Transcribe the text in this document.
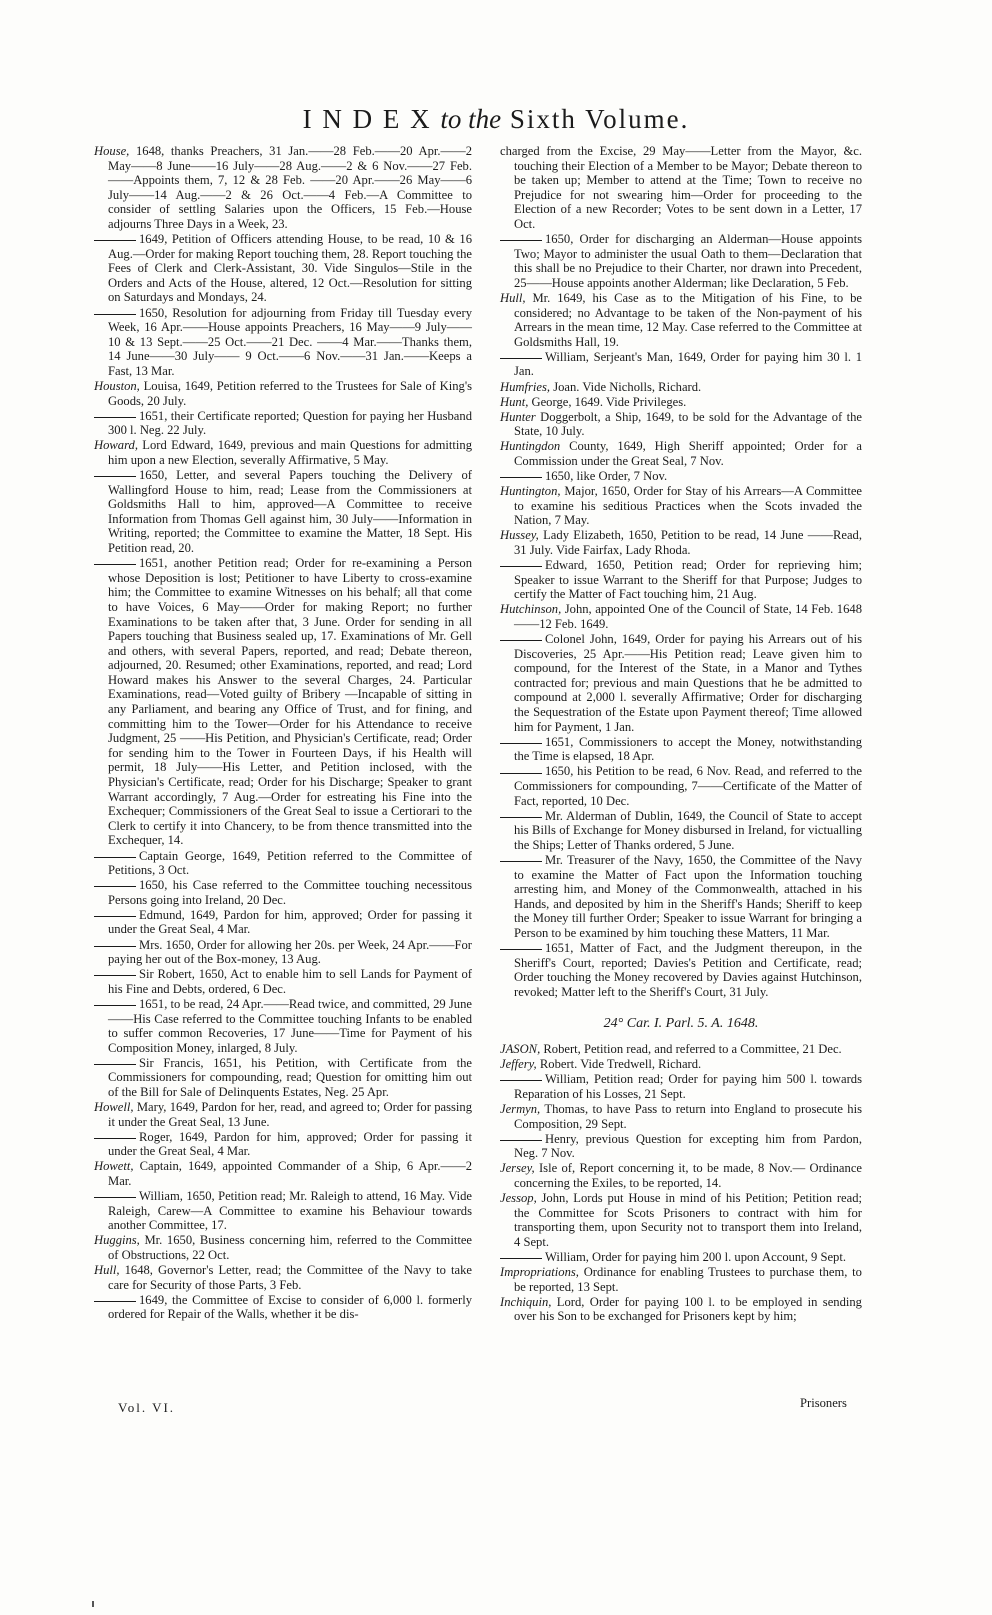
I N D E X to the Sixth Volume.

House, 1648, thanks Preachers, 31 Jan.——28 Feb.——20 Apr.——2 May——8 June——16 July——28 Aug.——2 & 6 Nov.——27 Feb.——Appoints them, 7, 12 & 28 Feb. ——20 Apr.——26 May——6 July——14 Aug.——2 & 26 Oct.——4 Feb.—A Committee to consider of settling Salaries upon the Officers, 15 Feb.—House adjourns Three Days in a Week, 23.

1649, Petition of Officers attending House, to be read, 10 & 16 Aug.—Order for making Report touching them, 28. Report touching the Fees of Clerk and Clerk-Assistant, 30. Vide Singulos—Stile in the Orders and Acts of the House, altered, 12 Oct.—Resolution for sitting on Saturdays and Mondays, 24.

1650, Resolution for adjourning from Friday till Tuesday every Week, 16 Apr.——House appoints Preachers, 16 May——9 July——10 & 13 Sept.——25 Oct.——21 Dec. ——4 Mar.——Thanks them, 14 June——30 July—— 9 Oct.——6 Nov.——31 Jan.——Keeps a Fast, 13 Mar.

Houston, Louisa, 1649, Petition referred to the Trustees for Sale of King's Goods, 20 July.

1651, their Certificate reported; Question for paying her Husband 300 l. Neg. 22 July.

Howard, Lord Edward, 1649, previous and main Questions for admitting him upon a new Election, severally Affirmative, 5 May.

1650, Letter, and several Papers touching the Delivery of Wallingford House to him, read; Lease from the Commissioners at Goldsmiths Hall to him, approved—A Committee to receive Information from Thomas Gell against him, 30 July——Information in Writing, reported; the Committee to examine the Matter, 18 Sept. His Petition read, 20.

1651, another Petition read; Order for re-examining a Person whose Deposition is lost; Petitioner to have Liberty to cross-examine him; the Committee to examine Witnesses on his behalf; all that come to have Voices, 6 May——Order for making Report; no further Examinations to be taken after that, 3 June. Order for sending in all Papers touching that Business sealed up, 17. Examinations of Mr. Gell and others, with several Papers, reported, and read; Debate thereon, adjourned, 20. Resumed; other Examinations, reported, and read; Lord Howard makes his Answer to the several Charges, 24. Particular Examinations, read—Voted guilty of Bribery —Incapable of sitting in any Parliament, and bearing any Office of Trust, and for fining, and committing him to the Tower—Order for his Attendance to receive Judgment, 25 ——His Petition, and Physician's Certificate, read; Order for sending him to the Tower in Fourteen Days, if his Health will permit, 18 July——His Letter, and Petition inclosed, with the Physician's Certificate, read; Order for his Discharge; Speaker to grant Warrant accordingly, 7 Aug.—Order for estreating his Fine into the Exchequer; Commissioners of the Great Seal to issue a Certiorari to the Clerk to certify it into Chancery, to be from thence transmitted into the Exchequer, 14.

Captain George, 1649, Petition referred to the Committee of Petitions, 3 Oct.

1650, his Case referred to the Committee touching necessitous Persons going into Ireland, 20 Dec.

Edmund, 1649, Pardon for him, approved; Order for passing it under the Great Seal, 4 Mar.

Mrs. 1650, Order for allowing her 20s. per Week, 24 Apr.——For paying her out of the Box-money, 13 Aug.

Sir Robert, 1650, Act to enable him to sell Lands for Payment of his Fine and Debts, ordered, 6 Dec.

1651, to be read, 24 Apr.——Read twice, and committed, 29 June——His Case referred to the Committee touching Infants to be enabled to suffer common Recoveries, 17 June——Time for Payment of his Composition Money, inlarged, 8 July.

Sir Francis, 1651, his Petition, with Certificate from the Commissioners for compounding, read; Question for omitting him out of the Bill for Sale of Delinquents Estates, Neg. 25 Apr.

Howell, Mary, 1649, Pardon for her, read, and agreed to; Order for passing it under the Great Seal, 13 June.

Roger, 1649, Pardon for him, approved; Order for passing it under the Great Seal, 4 Mar.

Howett, Captain, 1649, appointed Commander of a Ship, 6 Apr.——2 Mar.

William, 1650, Petition read; Mr. Raleigh to attend, 16 May. Vide Raleigh, Carew—A Committee to examine his Behaviour towards another Committee, 17.

Huggins, Mr. 1650, Business concerning him, referred to the Committee of Obstructions, 22 Oct.

Hull, 1648, Governor's Letter, read; the Committee of the Navy to take care for Security of those Parts, 3 Feb.

1649, the Committee of Excise to consider of 6,000 l. formerly ordered for Repair of the Walls, whether it be dis-

charged from the Excise, 29 May——Letter from the Mayor, &c. touching their Election of a Member to be Mayor; Debate thereon to be taken up; Member to attend at the Time; Town to receive no Prejudice for not swearing him—Order for proceeding to the Election of a new Recorder; Votes to be sent down in a Letter, 17 Oct.

1650, Order for discharging an Alderman—House appoints Two; Mayor to administer the usual Oath to them—Declaration that this shall be no Prejudice to their Charter, nor drawn into Precedent, 25——House appoints another Alderman; like Declaration, 5 Feb.

Hull, Mr. 1649, his Case as to the Mitigation of his Fine, to be considered; no Advantage to be taken of the Non-payment of his Arrears in the mean time, 12 May. Case referred to the Committee at Goldsmiths Hall, 19.

William, Serjeant's Man, 1649, Order for paying him 30 l. 1 Jan.

Humfries, Joan. Vide Nicholls, Richard.

Hunt, George, 1649. Vide Privileges.

Hunter Doggerbolt, a Ship, 1649, to be sold for the Advantage of the State, 10 July.

Huntingdon County, 1649, High Sheriff appointed; Order for a Commission under the Great Seal, 7 Nov.

1650, like Order, 7 Nov.

Huntington, Major, 1650, Order for Stay of his Arrears—A Committee to examine his seditious Practices when the Scots invaded the Nation, 7 May.

Hussey, Lady Elizabeth, 1650, Petition to be read, 14 June ——Read, 31 July. Vide Fairfax, Lady Rhoda.

Edward, 1650, Petition read; Order for reprieving him; Speaker to issue Warrant to the Sheriff for that Purpose; Judges to certify the Matter of Fact touching him, 21 Aug.

Hutchinson, John, appointed One of the Council of State, 14 Feb. 1648——12 Feb. 1649.

Colonel John, 1649, Order for paying his Arrears out of his Discoveries, 25 Apr.——His Petition read; Leave given him to compound, for the Interest of the State, in a Manor and Tythes contracted for; previous and main Questions that he be admitted to compound at 2,000 l. severally Affirmative; Order for discharging the Sequestration of the Estate upon Payment thereof; Time allowed him for Payment, 1 Jan.

1651, Commissioners to accept the Money, notwithstanding the Time is elapsed, 18 Apr.

1650, his Petition to be read, 6 Nov. Read, and referred to the Commissioners for compounding, 7——Certificate of the Matter of Fact, reported, 10 Dec.

Mr. Alderman of Dublin, 1649, the Council of State to accept his Bills of Exchange for Money disbursed in Ireland, for victualling the Ships; Letter of Thanks ordered, 5 June.

Mr. Treasurer of the Navy, 1650, the Committee of the Navy to examine the Matter of Fact upon the Information touching arresting him, and Money of the Commonwealth, attached in his Hands, and deposited by him in the Sheriff's Hands; Sheriff to keep the Money till further Order; Speaker to issue Warrant for bringing a Person to be examined by him touching these Matters, 11 Mar.

1651, Matter of Fact, and the Judgment thereupon, in the Sheriff's Court, reported; Davies's Petition and Certificate, read; Order touching the Money recovered by Davies against Hutchinson, revoked; Matter left to the Sheriff's Court, 31 July.

24° Car. I. Parl. 5. A. 1648.

JASON, Robert, Petition read, and referred to a Committee, 21 Dec.

Jeffery, Robert. Vide Tredwell, Richard.

William, Petition read; Order for paying him 500 l. towards Reparation of his Losses, 21 Sept.

Jermyn, Thomas, to have Pass to return into England to prosecute his Composition, 29 Sept.

Henry, previous Question for excepting him from Pardon, Neg. 7 Nov.

Jersey, Isle of, Report concerning it, to be made, 8 Nov.— Ordinance concerning the Exiles, to be reported, 14.

Jessop, John, Lords put House in mind of his Petition; Petition read; the Committee for Scots Prisoners to contract with him for transporting them, upon Security not to transport them into Ireland, 4 Sept.

William, Order for paying him 200 l. upon Account, 9 Sept.

Impropriations, Ordinance for enabling Trustees to purchase them, to be reported, 13 Sept.

Inchiquin, Lord, Order for paying 100 l. to be employed in sending over his Son to be exchanged for Prisoners kept by him;

Vol. VI.	Prisoners
